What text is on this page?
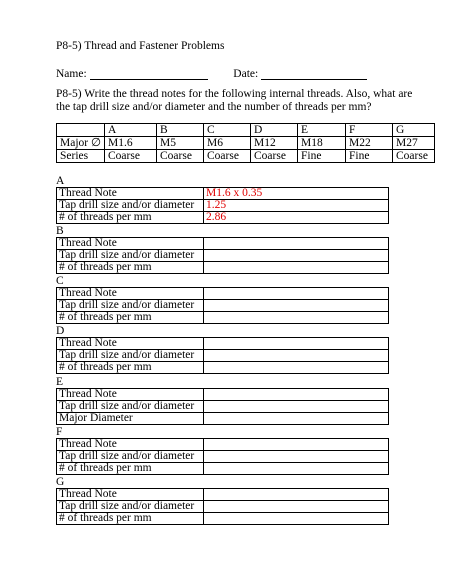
P8-5) Thread and Fastener Problems
Name:	Date:
P8-5) Write the thread notes for the following internal threads. Also, what are the tap drill size and/or diameter and the number of threads per mm?
	A	B	C	D	E	F	G
Major ∅	M1.6	M5	M6	M12	M18	M22	M27
Series	Coarse	Coarse	Coarse	Coarse	Fine	Fine	Coarse
A
Thread Note	M1.6 x 0.35
Tap drill size and/or diameter	1.25
# of threads per mm	2.86
B
Thread Note	
Tap drill size and/or diameter	
# of threads per mm	
C
Thread Note	
Tap drill size and/or diameter	
# of threads per mm	
D
Thread Note	
Tap drill size and/or diameter	
# of threads per mm	
E
Thread Note	
Tap drill size and/or diameter	
Major Diameter	
F
Thread Note	
Tap drill size and/or diameter	
# of threads per mm	
G
Thread Note	
Tap drill size and/or diameter	
# of threads per mm	
